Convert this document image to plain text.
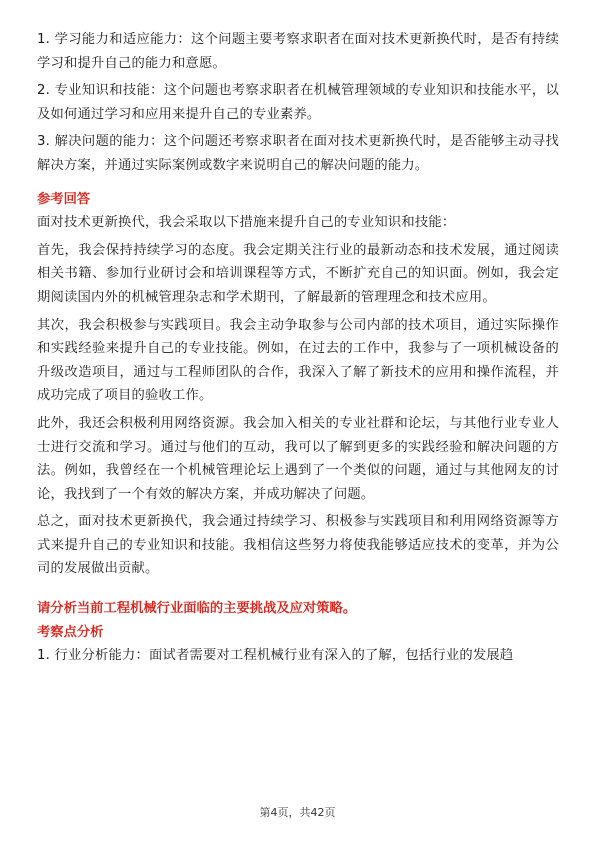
1. 学习能力和适应能力：这个问题主要考察求职者在面对技术更新换代时，是否有持续学习和提升自己的能力和意愿。

2. 专业知识和技能：这个问题也考察求职者在机械管理领域的专业知识和技能水平，以及如何通过学习和应用来提升自己的专业素养。

3. 解决问题的能力：这个问题还考察求职者在面对技术更新换代时，是否能够主动寻找解决方案，并通过实际案例或数字来说明自己的解决问题的能力。

参考回答

面对技术更新换代，我会采取以下措施来提升自己的专业知识和技能：

首先，我会保持持续学习的态度。我会定期关注行业的最新动态和技术发展，通过阅读相关书籍、参加行业研讨会和培训课程等方式，不断扩充自己的知识面。例如，我会定期阅读国内外的机械管理杂志和学术期刊，了解最新的管理理念和技术应用。

其次，我会积极参与实践项目。我会主动争取参与公司内部的技术项目，通过实际操作和实践经验来提升自己的专业技能。例如，在过去的工作中，我参与了一项机械设备的升级改造项目，通过与工程师团队的合作，我深入了解了新技术的应用和操作流程，并成功完成了项目的验收工作。

此外，我还会积极利用网络资源。我会加入相关的专业社群和论坛，与其他行业专业人士进行交流和学习。通过与他们的互动，我可以了解到更多的实践经验和解决问题的方法。例如，我曾经在一个机械管理论坛上遇到了一个类似的问题，通过与其他网友的讨论，我找到了一个有效的解决方案，并成功解决了问题。

总之，面对技术更新换代，我会通过持续学习、积极参与实践项目和利用网络资源等方式来提升自己的专业知识和技能。我相信这些努力将使我能够适应技术的变革，并为公司的发展做出贡献。

请分析当前工程机械行业面临的主要挑战及应对策略。

考察点分析

1. 行业分析能力：面试者需要对工程机械行业有深入的了解，包括行业的发展趋

第4页，共42页
